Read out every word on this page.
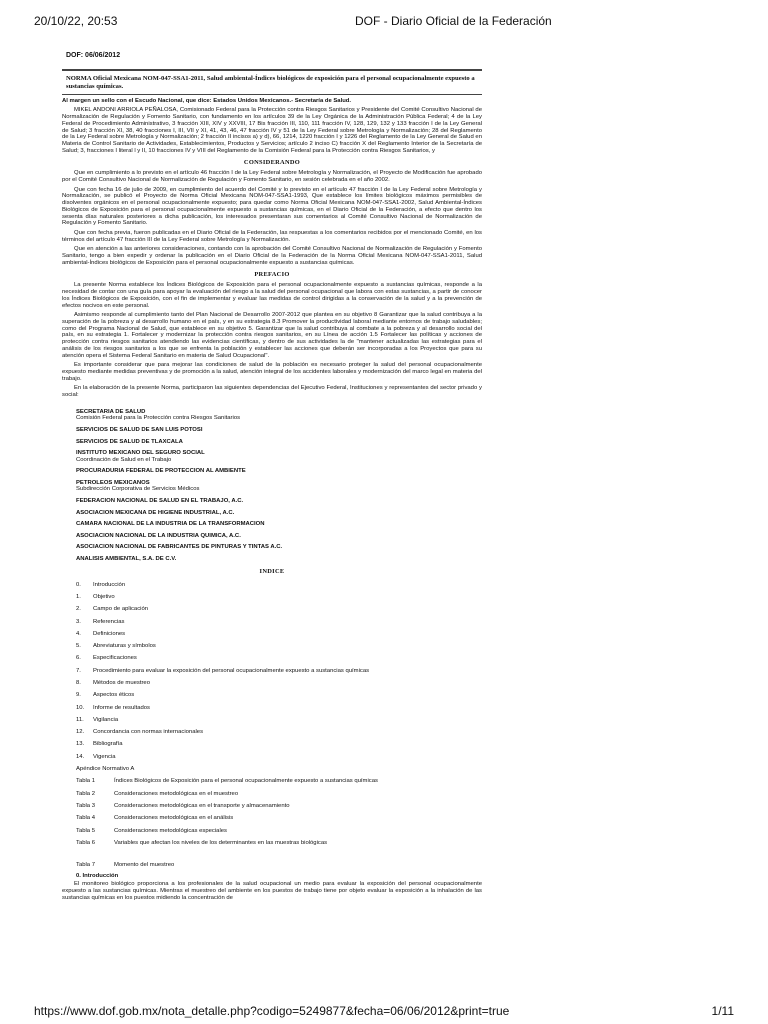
20/10/22, 20:53	DOF - Diario Oficial de la Federación
DOF: 06/06/2012
NORMA Oficial Mexicana NOM-047-SSA1-2011, Salud ambiental-Índices biológicos de exposición para el personal ocupacionalmente expuesto a sustancias químicas.
Al margen un sello con el Escudo Nacional, que dice: Estados Unidos Mexicanos.- Secretaría de Salud.

MIKEL ANDONI ARRIOLA PEÑALOSA, Comisionado Federal para la Protección contra Riesgos Sanitarios y Presidente del Comité Consultivo Nacional de Normalización de Regulación y Fomento Sanitario, con fundamento en los artículos 39 de la Ley Orgánica de la Administración Pública Federal; 4 de la Ley Federal de Procedimiento Administrativo, 3 fracción XIII, XIV y XXVIII, 17 Bis fracción III, 110, 111 fracción IV, 128, 129, 132 y 133 fracción I de la Ley General de Salud; 3 fracción XI, 38, 40 fracciones I, III, VII y XI, 41, 43, 46, 47 fracción IV y 51 de la Ley Federal sobre Metrología y Normalización; 28 del Reglamento de la Ley Federal sobre Metrología y Normalización; 2 fracción II incisos a) y d), 66, 1214, 1220 fracción I y 1226 del Reglamento de la Ley General de Salud en Materia de Control Sanitario de Actividades, Establecimientos, Productos y Servicios; artículo 2 inciso C) fracción X del Reglamento Interior de la Secretaría de Salud; 3, fracciones I literal l y II, 10 fracciones IV y VIII del Reglamento de la Comisión Federal para la Protección contra Riesgos Sanitarios, y

CONSIDERANDO

Que en cumplimiento a lo previsto en el artículo 46 fracción I de la Ley Federal sobre Metrología y Normalización, el Proyecto de Modificación fue aprobado por el Comité Consultivo Nacional de Normalización de Regulación y Fomento Sanitario, en sesión celebrada en el año 2002.

Que con fecha 16 de julio de 2009, en cumplimiento del acuerdo del Comité y lo previsto en el artículo 47 fracción I de la Ley Federal sobre Metrología y Normalización, se publicó el Proyecto de Norma Oficial Mexicana NOM-047-SSA1-1993, Que establece los límites biológicos máximos permisibles de disolventes orgánicos en el personal ocupacionalmente expuesto; para quedar como Norma Oficial Mexicana NOM-047-SSA1-2002, Salud Ambiental-Índices Biológicos de Exposición para el personal ocupacionalmente expuesto a sustancias químicas, en el Diario Oficial de la Federación, a efecto que dentro los sesenta días naturales posteriores a dicha publicación, los interesados presentaran sus comentarios al Comité Consultivo Nacional de Normalización de Regulación y Fomento Sanitario.

Que con fecha previa, fueron publicadas en el Diario Oficial de la Federación, las respuestas a los comentarios recibidos por el mencionado Comité, en los términos del artículo 47 fracción III de la Ley Federal sobre Metrología y Normalización.

Que en atención a las anteriores consideraciones, contando con la aprobación del Comité Consultivo Nacional de Normalización de Regulación y Fomento Sanitario, tengo a bien expedir y ordenar la publicación en el Diario Oficial de la Federación de la Norma Oficial Mexicana NOM-047-SSA1-2011, Salud ambiental-Índices biológicos de Exposición para el personal ocupacionalmente expuesto a sustancias químicas.

PREFACIO

La presente Norma establece los Índices Biológicos de Exposición para el personal ocupacionalmente expuesto a sustancias químicas, responde a la necesidad de contar con una guía para apoyar la evaluación del riesgo a la salud del personal ocupacional que labora con estas sustancias, a partir de conocer los Índices Biológicos de Exposición, con el fin de implementar y evaluar las medidas de control dirigidas a la conservación de la salud y a la prevención de efectos nocivos en este personal.

Asimismo responde al cumplimiento tanto del Plan Nacional de Desarrollo 2007-2012 que plantea en su objetivo 8 Garantizar que la salud contribuya a la superación de la pobreza y al desarrollo humano en el país, y en su estrategia 8.3 Promover la productividad laboral mediante entornos de trabajo saludables; como del Programa Nacional de Salud, que establece en su objetivo 5. Garantizar que la salud contribuya al combate a la pobreza y al desarrollo social del país, en su estrategia 1. Fortalecer y modernizar la protección contra riesgos sanitarios, en su Línea de acción 1.5 Fortalecer las políticas y acciones de protección contra riesgos sanitarios atendiendo las evidencias científicas, y dentro de sus actividades la de "mantener actualizadas las estrategias para el análisis de los riesgos sanitarios a los que se enfrenta la población y establecer las acciones que deberán ser incorporadas a los Proyectos que para su atención opera el Sistema Federal Sanitario en materia de Salud Ocupacional".

Es importante considerar que para mejorar las condiciones de salud de la población es necesario proteger la salud del personal ocupacionalmente expuesto mediante medidas preventivas y de promoción a la salud, atención integral de los accidentes laborales y modernización del marco legal en materia del trabajo.

En la elaboración de la presente Norma, participaron las siguientes dependencias del Ejecutivo Federal, Instituciones y representantes del sector privado y social:

SECRETARIA DE SALUD
Comisión Federal para la Protección contra Riesgos Sanitarios
SERVICIOS DE SALUD DE SAN LUIS POTOSI
SERVICIOS DE SALUD DE TLAXCALA
INSTITUTO MEXICANO DEL SEGURO SOCIAL
Coordinación de Salud en el Trabajo
PROCURADURIA FEDERAL DE PROTECCION AL AMBIENTE
PETROLEOS MEXICANOS
Subdirección Corporativa de Servicios Médicos
FEDERACION NACIONAL DE SALUD EN EL TRABAJO, A.C.
ASOCIACION MEXICANA DE HIGIENE INDUSTRIAL, A.C.
CAMARA NACIONAL DE LA INDUSTRIA DE LA TRANSFORMACION
ASOCIACION NACIONAL DE LA INDUSTRIA QUIMICA, A.C.
ASOCIACION NACIONAL DE FABRICANTES DE PINTURAS Y TINTAS A.C.
ANALISIS AMBIENTAL, S.A. DE C.V.
INDICE
0.	Introducción
1.	Objetivo
2.	Campo de aplicación
3.	Referencias
4.	Definiciones
5.	Abreviaturas y símbolos
6.	Especificaciones
7.	Procedimiento para evaluar la exposición del personal ocupacionalmente expuesto a sustancias químicas
8.	Métodos de muestreo
9.	Aspectos éticos
10.	Informe de resultados
11.	Vigilancia
12.	Concordancia con normas internacionales
13.	Bibliografía
14.	Vigencia
Apéndice Normativo A
Tabla 1	Índices Biológicos de Exposición para el personal ocupacionalmente expuesto a sustancias químicas
Tabla 2	Consideraciones metodológicas en el muestreo
Tabla 3	Consideraciones metodológicas en el transporte y almacenamiento
Tabla 4	Consideraciones metodológicas en el análisis
Tabla 5	Consideraciones metodológicas especiales
Tabla 6	Variables que afectan los niveles de los determinantes en las muestras biológicas
Tabla 7	Momento del muestreo
0. Introducción

El monitoreo biológico proporciona a los profesionales de la salud ocupacional un medio para evaluar la exposición del personal ocupacionalmente expuesto a las sustancias químicas. Mientras el muestreo del ambiente en los puestos de trabajo tiene por objeto evaluar la exposición a la inhalación de las sustancias químicas en los puestos midiendo la concentración de

https://www.dof.gob.mx/nota_detalle.php?codigo=5249877&fecha=06/06/2012&print=true	1/11
